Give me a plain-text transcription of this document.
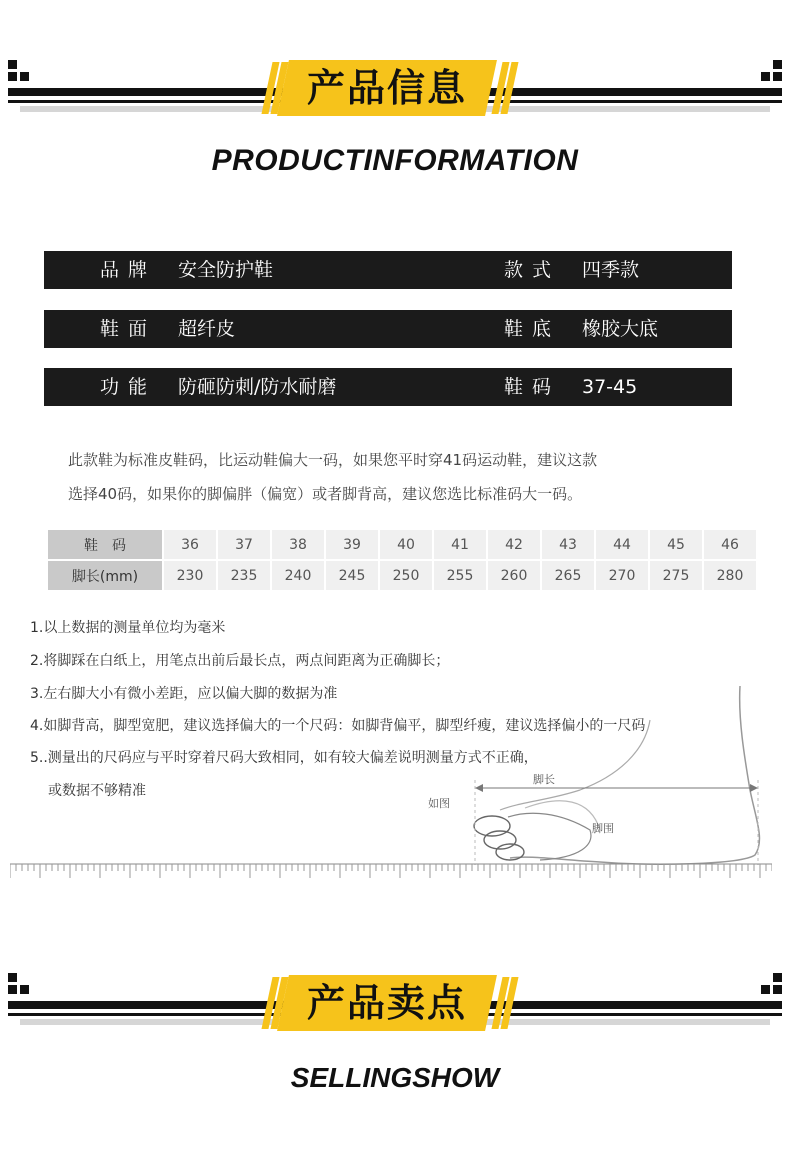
产品信息
PRODUCTINFORMATION
品牌 安全防护鞋	款式 四季款
鞋面 超纤皮	鞋底 橡胶大底
功能 防砸防刺/防水耐磨	鞋码 37-45
此款鞋为标准皮鞋码，比运动鞋偏大一码，如果您平时穿41码运动鞋，建议这款
选择40码，如果你的脚偏胖（偏宽）或者脚背高，建议您选比标准码大一码。
鞋码	36	37	38	39	40	41	42	43	44	45	46
脚长(mm)	230	235	240	245	250	255	260	265	270	275	280
如图
脚长
脚围
1.以上数据的测量单位均为毫米
2.将脚踩在白纸上，用笔点出前后最长点，两点间距离为正确脚长；
3.左右脚大小有微小差距，应以偏大脚的数据为准
4.如脚背高，脚型宽肥，建议选择偏大的一个尺码：如脚背偏平，脚型纤瘦，建议选择偏小的一尺码
5..测量出的尺码应与平时穿着尺码大致相同，如有较大偏差说明测量方式不正确，
或数据不够精准
产品卖点
SELLINGSHOW
